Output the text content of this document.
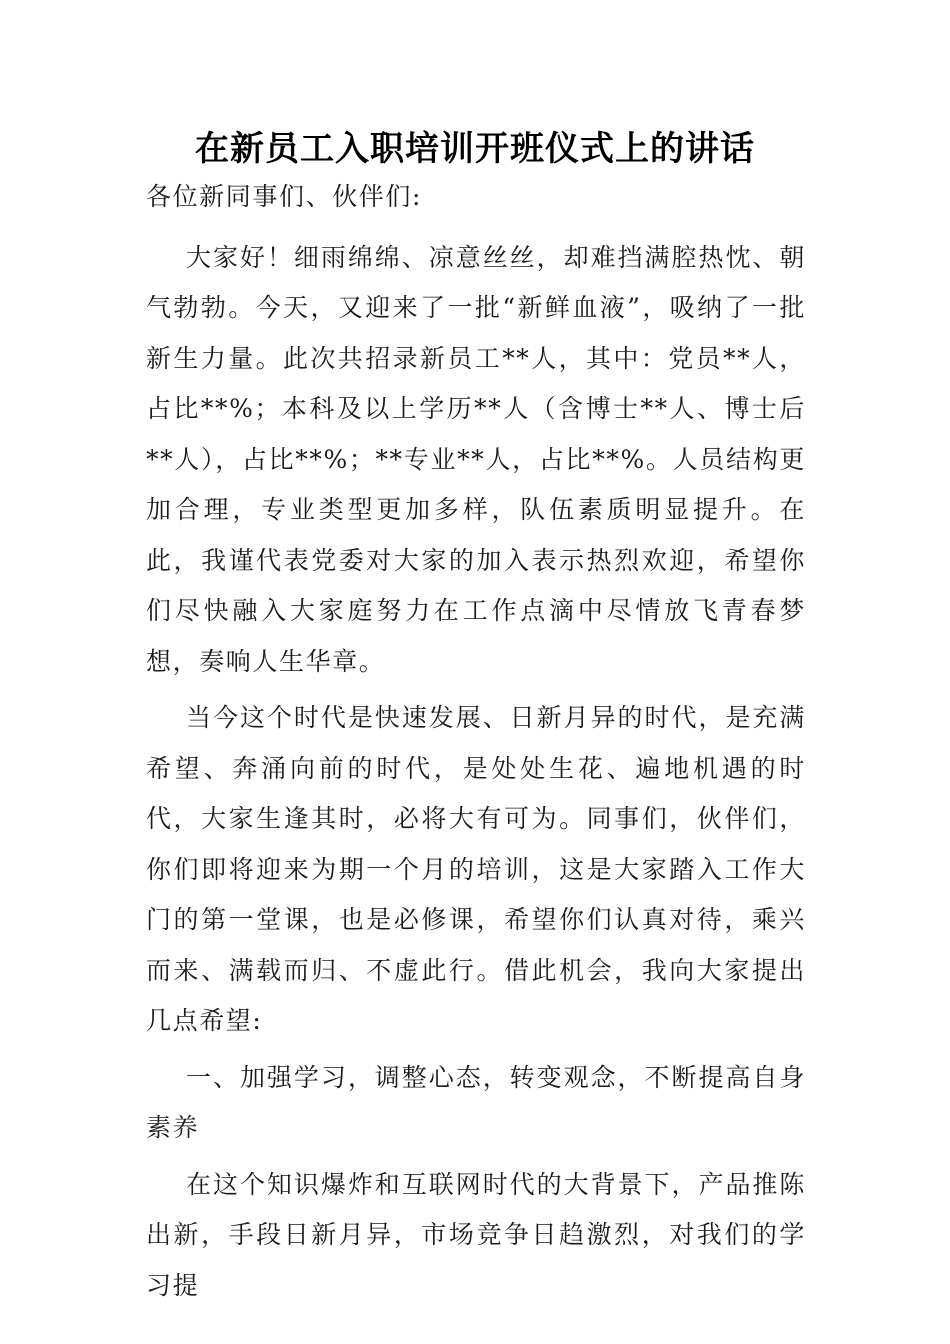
在新员工入职培训开班仪式上的讲话

各位新同事们、伙伴们:

大家好！细雨绵绵、凉意丝丝，却难挡满腔热忱、朝气勃勃。今天，又迎来了一批“新鲜血液”，吸纳了一批新生力量。此次共招录新员工**人，其中：党员**人，占比**%；本科及以上学历**人（含博士**人、博士后**人），占比**%；**专业**人，占比**%。人员结构更加合理，专业类型更加多样，队伍素质明显提升。在此，我谨代表党委对大家的加入表示热烈欢迎，希望你们尽快融入大家庭努力在工作点滴中尽情放飞青春梦想，奏响人生华章。

当今这个时代是快速发展、日新月异的时代，是充满希望、奔涌向前的时代，是处处生花、遍地机遇的时代，大家生逢其时，必将大有可为。同事们，伙伴们，你们即将迎来为期一个月的培训，这是大家踏入工作大门的第一堂课，也是必修课，希望你们认真对待，乘兴而来、满载而归、不虚此行。借此机会，我向大家提出几点希望:

一、加强学习，调整心态，转变观念，不断提高自身素养

在这个知识爆炸和互联网时代的大背景下，产品推陈出新，手段日新月异，市场竞争日趋激烈，对我们的学习提
